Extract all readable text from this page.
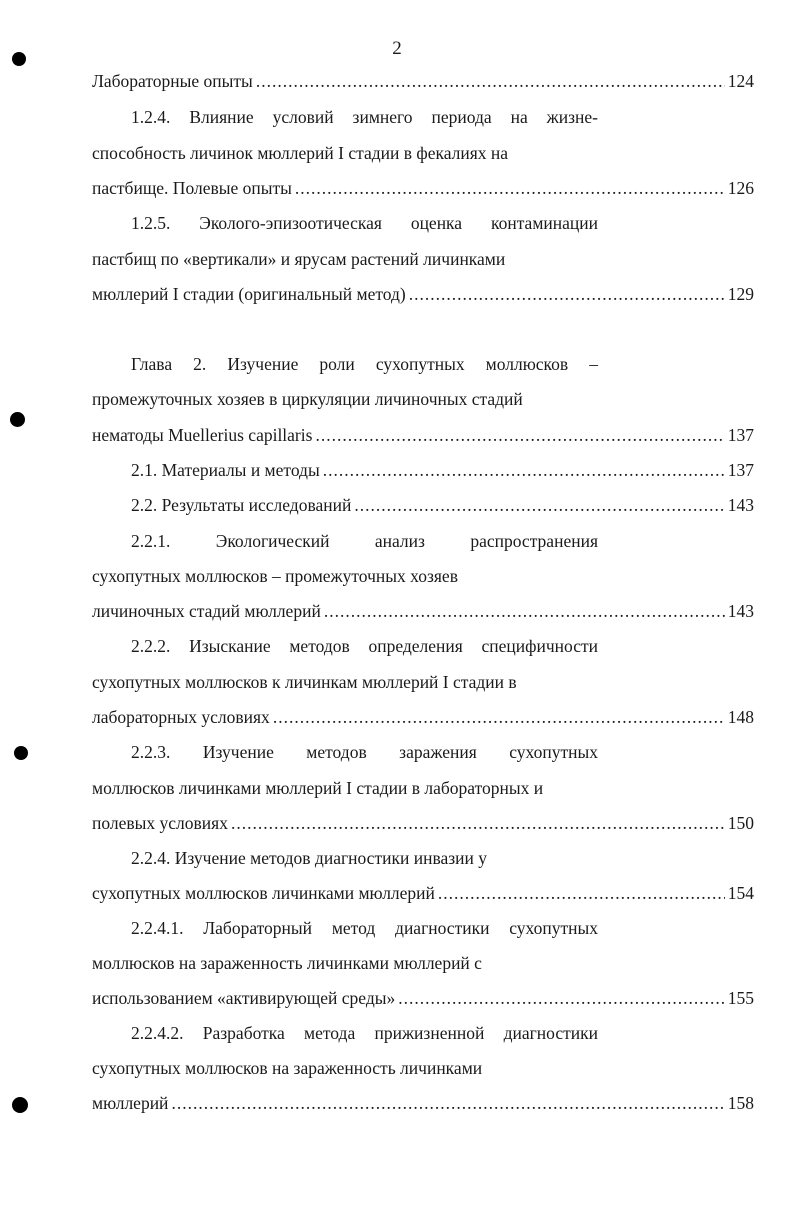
2
Лабораторные опыты .....	124
1.2.4. Влияние условий зимнего периода на жизне-
способность личинок мюллерий I стадии в фекалиях на
пастбище. Полевые опыты .....	126
1.2.5. Эколого-эпизоотическая оценка контаминации
пастбищ по «вертикали» и ярусам растений личинками
мюллерий I стадии (оригинальный метод) .....	129
Глава 2. Изучение роли сухопутных моллюсков –
промежуточных хозяев в циркуляции личиночных стадий
нематоды Muellerius capillaris .....	137
2.1. Материалы и методы .....	137
2.2. Результаты исследований .....	143
2.2.1. Экологический анализ распространения
сухопутных моллюсков – промежуточных хозяев
личиночных стадий мюллерий .....	143
2.2.2. Изыскание методов определения специфичности
сухопутных моллюсков к личинкам мюллерий I стадии в
лабораторных условиях .....	148
2.2.3. Изучение методов заражения сухопутных
моллюсков личинками мюллерий I стадии в лабораторных и
полевых условиях .....	150
2.2.4. Изучение методов диагностики инвазии у
сухопутных моллюсков личинками мюллерий .....	154
2.2.4.1. Лабораторный метод диагностики сухопутных
моллюсков на зараженность личинками мюллерий с
использованием «активирующей среды» .....	155
2.2.4.2. Разработка метода прижизненной диагностики
сухопутных моллюсков на зараженность личинками
мюллерий .....	158
